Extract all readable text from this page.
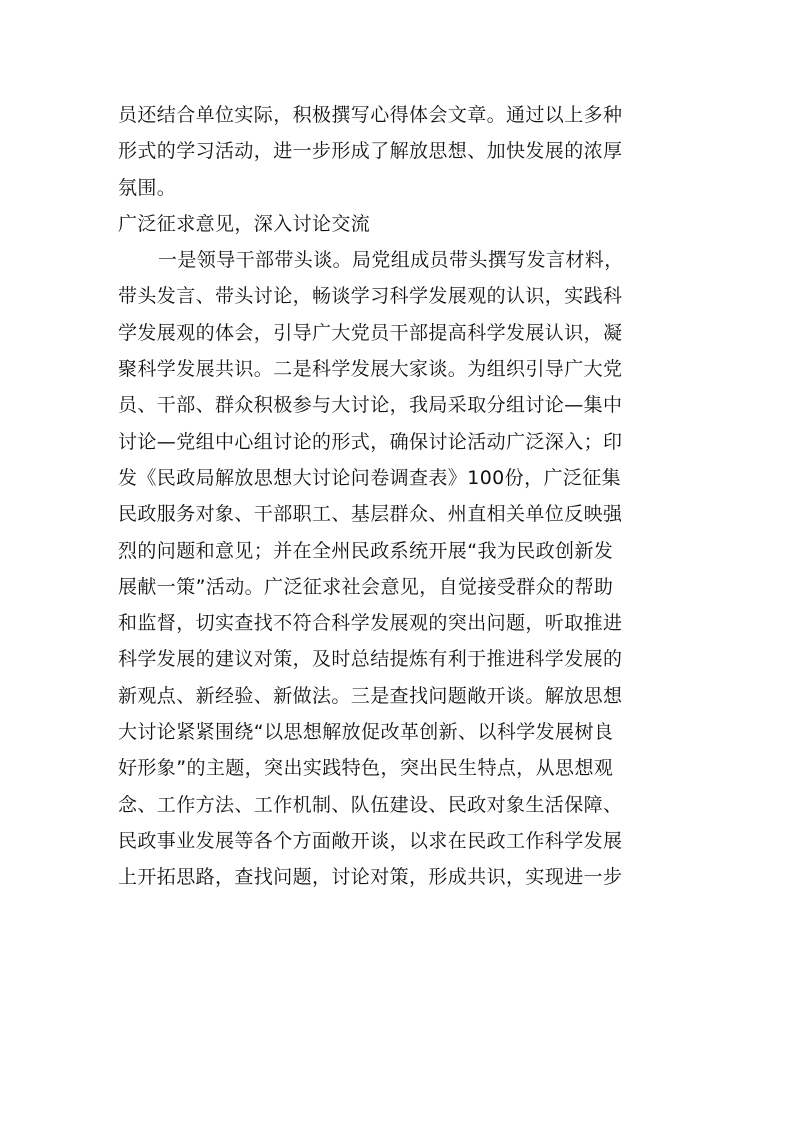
员还结合单位实际，积极撰写心得体会文章。通过以上多种
形式的学习活动，进一步形成了解放思想、加快发展的浓厚
氛围。
广泛征求意见，深入讨论交流
一是领导干部带头谈。局党组成员带头撰写发言材料，
带头发言、带头讨论，畅谈学习科学发展观的认识，实践科
学发展观的体会，引导广大党员干部提高科学发展认识，凝
聚科学发展共识。二是科学发展大家谈。为组织引导广大党
员、干部、群众积极参与大讨论，我局采取分组讨论—集中
讨论—党组中心组讨论的形式，确保讨论活动广泛深入；印
发《民政局解放思想大讨论问卷调查表》100份，广泛征集
民政服务对象、干部职工、基层群众、州直相关单位反映强
烈的问题和意见；并在全州民政系统开展“我为民政创新发
展献一策”活动。广泛征求社会意见，自觉接受群众的帮助
和监督，切实查找不符合科学发展观的突出问题，听取推进
科学发展的建议对策，及时总结提炼有利于推进科学发展的
新观点、新经验、新做法。三是查找问题敞开谈。解放思想
大讨论紧紧围绕“以思想解放促改革创新、以科学发展树良
好形象”的主题，突出实践特色，突出民生特点，从思想观
念、工作方法、工作机制、队伍建设、民政对象生活保障、
民政事业发展等各个方面敞开谈，以求在民政工作科学发展
上开拓思路，查找问题，讨论对策，形成共识，实现进一步
